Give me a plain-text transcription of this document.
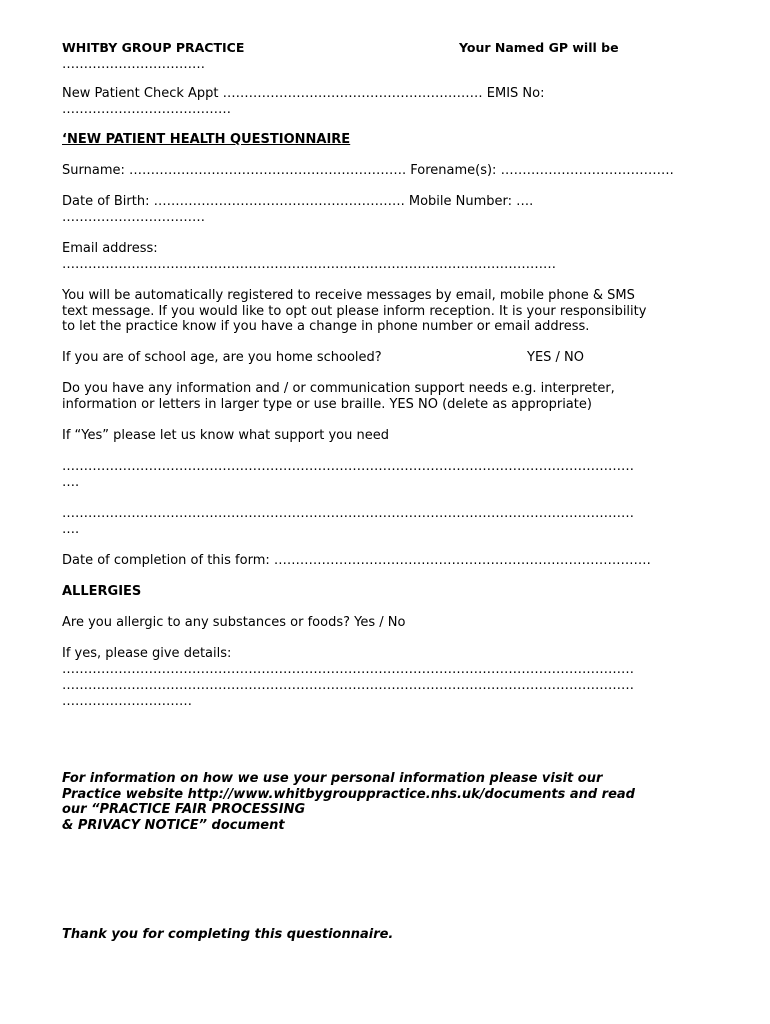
WHITBY GROUP PRACTICE	Your Named GP will be
……………………………
New Patient Check Appt …………………………………………………… EMIS No:
…………………………………
‘NEW PATIENT HEALTH QUESTIONNAIRE
Surname: ………………………………………………………. Forename(s): ………………………………….
Date of Birth: …………………………………………………. Mobile Number: ….
……………………………
Email address:
……………………………………………………………………………………………………
You will be automatically registered to receive messages by email, mobile phone & SMS
text message. If you would like to opt out please inform reception. It is your responsibility
to let the practice know if you have a change in phone number or email address.
If you are of school age, are you home schooled?	YES / NO
Do you have any information and / or communication support needs e.g. interpreter,
information or letters in larger type or use braille. YES NO (delete as appropriate)
If “Yes” please let us know what support you need
……………………………………………………………………………………………………………………
….
……………………………………………………………………………………………………………………
….
Date of completion of this form: ……………………………………………………………………………
ALLERGIES
Are you allergic to any substances or foods? Yes / No
If yes, please give details:
……………………………………………………………………………………………………………………
……………………………………………………………………………………………………………………
…………………………
For information on how we use your personal information please visit our
Practice website http://www.whitbygrouppractice.nhs.uk/documents and read
our “PRACTICE FAIR PROCESSING
& PRIVACY NOTICE” document
Thank you for completing this questionnaire.
